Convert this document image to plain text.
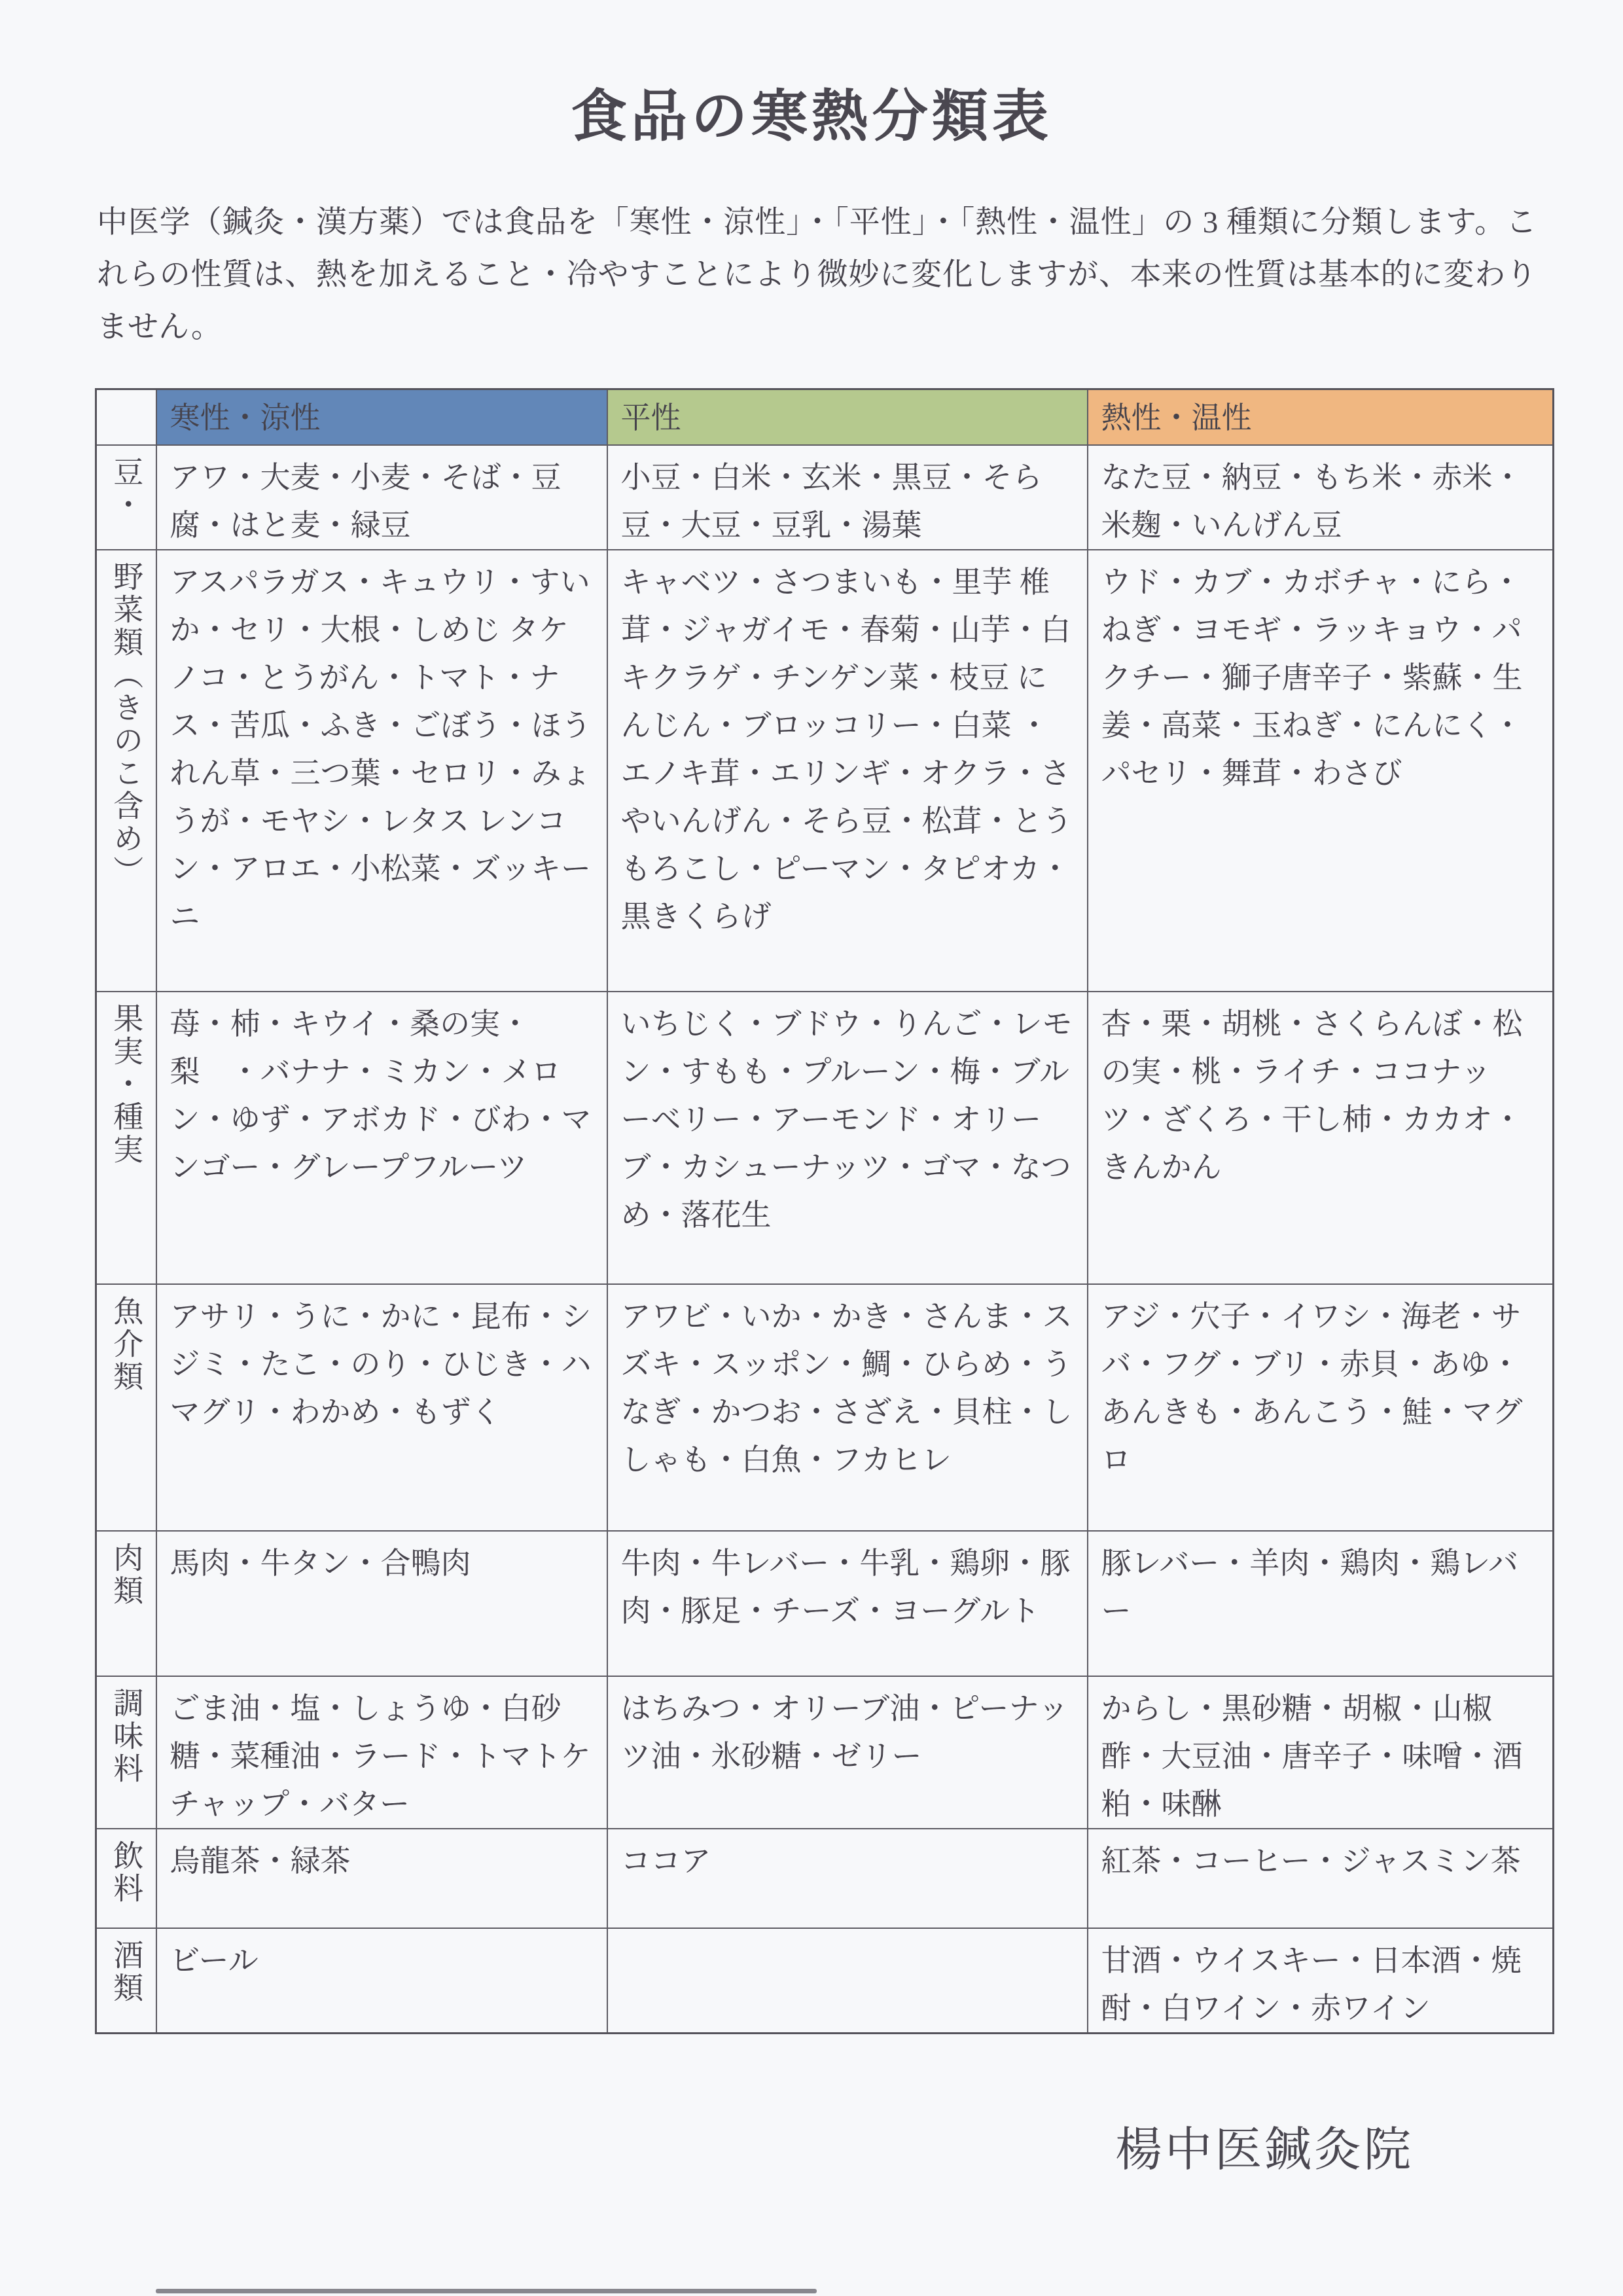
食品の寒熱分類表
中医学（鍼灸・漢方薬）では食品を「寒性・涼性」・「平性」・「熱性・温性」の 3 種類に分類します。これらの性質は、熱を加えること・冷やすことにより微妙に変化しますが、本来の性質は基本的に変わりません。
	寒性・涼性	平性	熱性・温性
豆・	アワ・大麦・小麦・そば・豆腐・はと麦・緑豆	小豆・白米・玄米・黒豆・そら豆・大豆・豆乳・湯葉	なた豆・納豆・もち米・赤米・米麹・いんげん豆
野菜類（きのこ含め）	アスパラガス・キュウリ・すいか・セリ・大根・しめじ タケノコ・とうがん・トマト・ナス・苦瓜・ふき・ごぼう・ほうれん草・三つ葉・セロリ・みょうが・モヤシ・レタス レンコン・アロエ・小松菜・ズッキーニ	キャベツ・さつまいも・里芋 椎茸・ジャガイモ・春菊・山芋・白キクラゲ・チンゲン菜・枝豆 にんじん・ブロッコリー・白菜 ・エノキ茸・エリンギ・オクラ・さやいんげん・そら豆・松茸・とうもろこし・ピーマン・タピオカ・黒きくらげ	ウド・カブ・カボチャ・にら・ねぎ・ヨモギ・ラッキョウ・パクチー・獅子唐辛子・紫蘇・生姜・高菜・玉ねぎ・にんにく・パセリ・舞茸・わさび
果実・種実	苺・柿・キウイ・桑の実・梨　・バナナ・ミカン・メロン・ゆず・アボカド・びわ・マンゴー・グレープフルーツ	いちじく・ブドウ・りんご・レモン・すもも・プルーン・梅・ブルーベリー・アーモンド・オリーブ・カシューナッツ・ゴマ・なつめ・落花生	杏・栗・胡桃・さくらんぼ・松の実・桃・ライチ・ココナッツ・ざくろ・干し柿・カカオ・きんかん
魚介類	アサリ・うに・かに・昆布・シジミ・たこ・のり・ひじき・ハマグリ・わかめ・もずく	アワビ・いか・かき・さんま・スズキ・スッポン・鯛・ひらめ・うなぎ・かつお・さざえ・貝柱・ししゃも・白魚・フカヒレ	アジ・穴子・イワシ・海老・サバ・フグ・ブリ・赤貝・あゆ・あんきも・あんこう・鮭・マグロ
肉類	馬肉・牛タン・合鴨肉	牛肉・牛レバー・牛乳・鶏卵・豚肉・豚足・チーズ・ヨーグルト	豚レバー・羊肉・鶏肉・鶏レバー
調味料	ごま油・塩・しょうゆ・白砂糖・菜種油・ラード・トマトケチャップ・バター	はちみつ・オリーブ油・ピーナッツ油・氷砂糖・ゼリー	からし・黒砂糖・胡椒・山椒 酢・大豆油・唐辛子・味噌・酒粕・味醂
飲料	烏龍茶・緑茶	ココア	紅茶・コーヒー・ジャスミン茶
酒類	ビール		甘酒・ウイスキー・日本酒・焼酎・白ワイン・赤ワイン
楊中医鍼灸院
